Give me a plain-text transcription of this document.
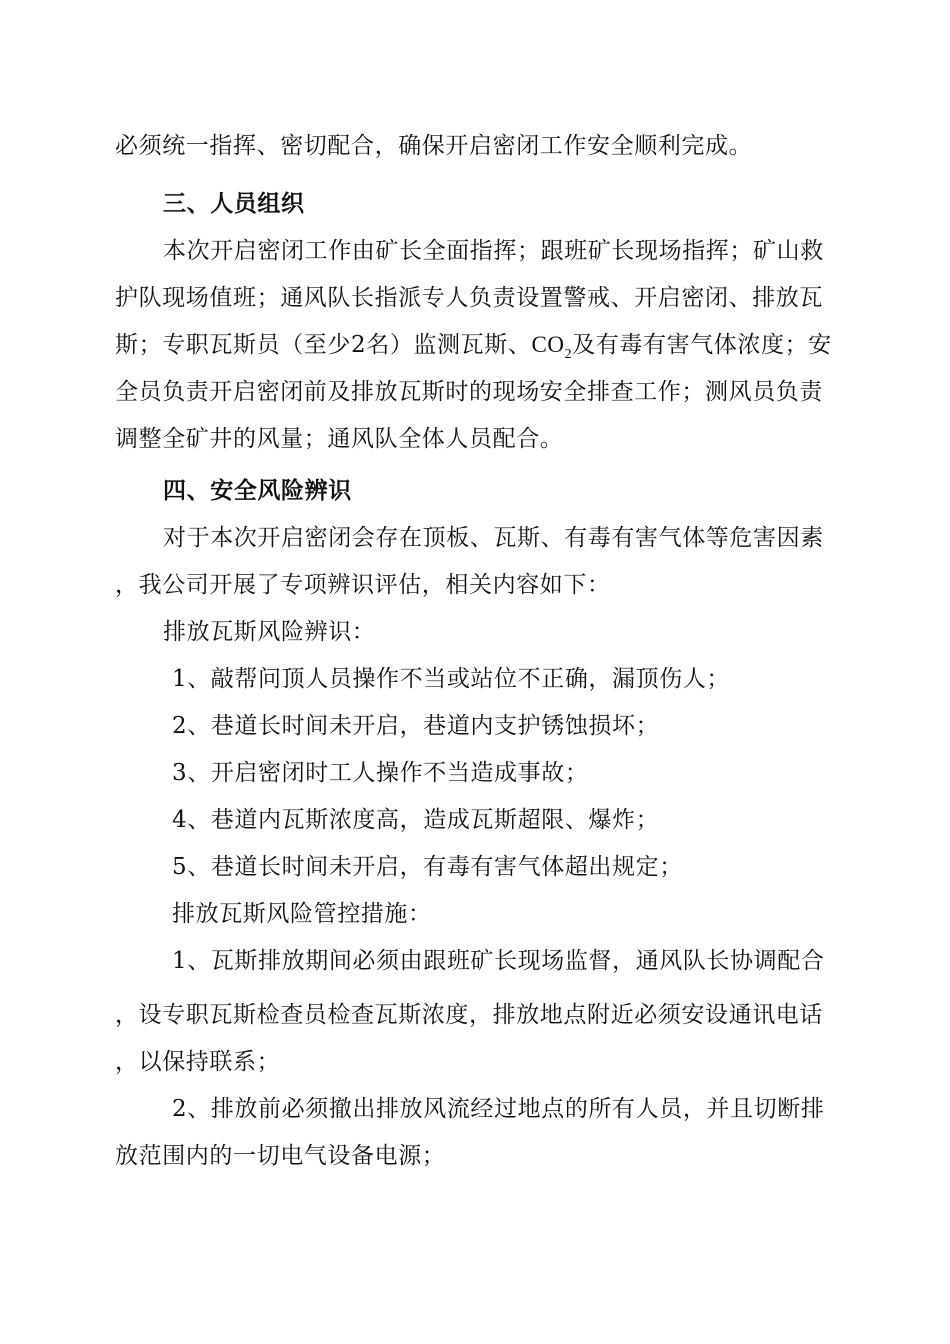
必须统一指挥、密切配合，确保开启密闭工作安全顺利完成。
三、人员组织
本次开启密闭工作由矿长全面指挥；跟班矿长现场指挥；矿山救
护队现场值班；通风队长指派专人负责设置警戒、开启密闭、排放瓦
斯；专职瓦斯员（至少2名）监测瓦斯、$CO_2$及有毒有害气体浓度；安
全员负责开启密闭前及排放瓦斯时的现场安全排查工作；测风员负责
调整全矿井的风量；通风队全体人员配合。
四、安全风险辨识
对于本次开启密闭会存在顶板、瓦斯、有毒有害气体等危害因素
，我公司开展了专项辨识评估，相关内容如下：
排放瓦斯风险辨识：
1、敲帮问顶人员操作不当或站位不正确，漏顶伤人；
2、巷道长时间未开启，巷道内支护锈蚀损坏；
3、开启密闭时工人操作不当造成事故；
4、巷道内瓦斯浓度高，造成瓦斯超限、爆炸；
5、巷道长时间未开启，有毒有害气体超出规定；
排放瓦斯风险管控措施：
1、瓦斯排放期间必须由跟班矿长现场监督，通风队长协调配合
，设专职瓦斯检查员检查瓦斯浓度，排放地点附近必须安设通讯电话
，以保持联系；
2、排放前必须撤出排放风流经过地点的所有人员，并且切断排
放范围内的一切电气设备电源；
